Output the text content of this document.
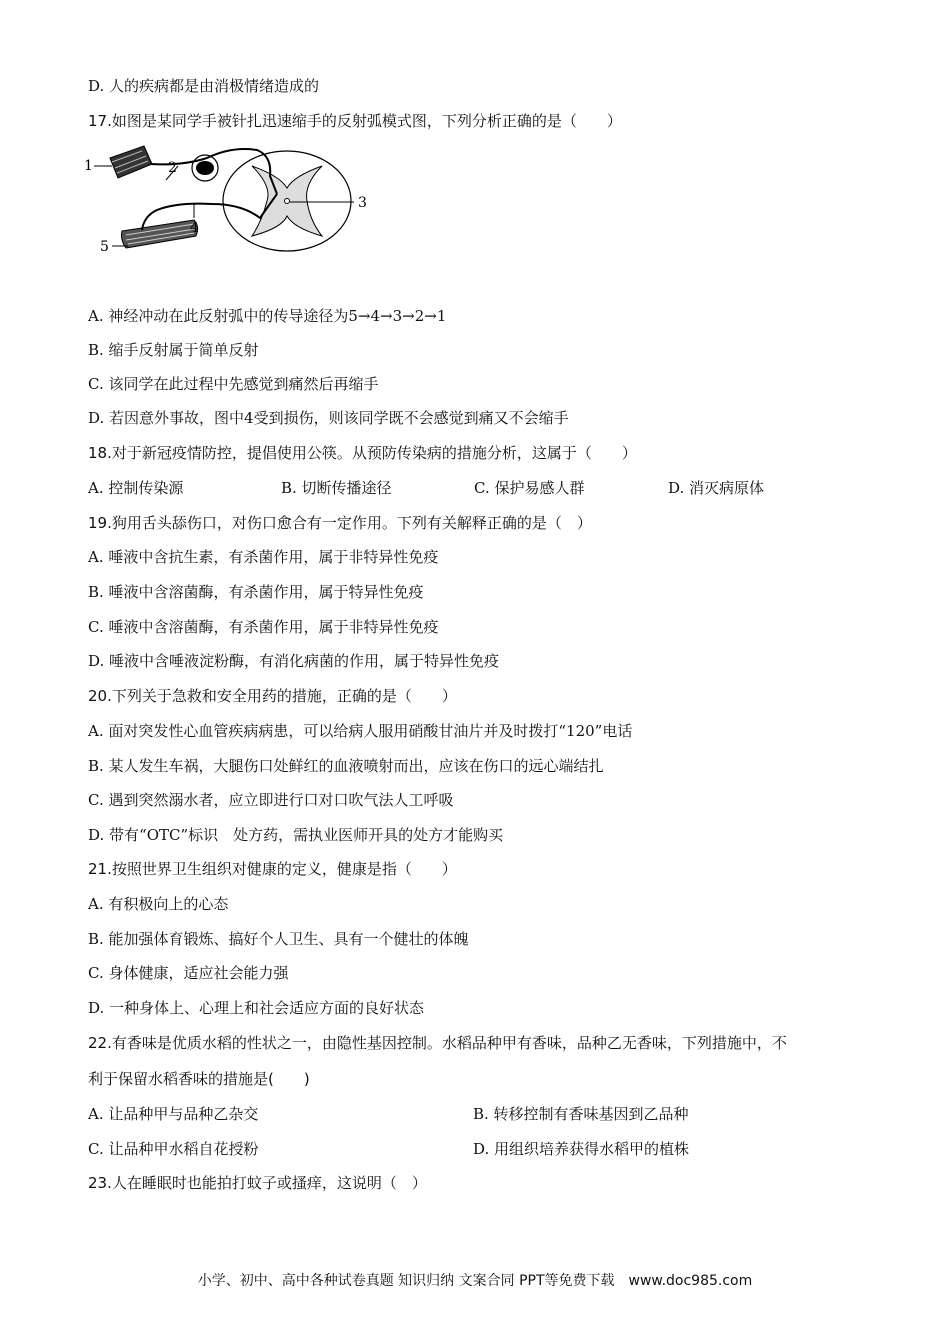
D. 人的疾病都是由消极情绪造成的
17.如图是某同学手被针扎迅速缩手的反射弧模式图，下列分析正确的是（　　）
1	2
3
4
5
A. 神经冲动在此反射弧中的传导途径为5→4→3→2→1
B. 缩手反射属于简单反射
C. 该同学在此过程中先感觉到痛然后再缩手
D. 若因意外事故，图中4受到损伤，则该同学既不会感觉到痛又不会缩手
18.对于新冠疫情防控，提倡使用公筷。从预防传染病的措施分析，这属于（　　）
A. 控制传染源	B. 切断传播途径	C. 保护易感人群	D. 消灭病原体
19.狗用舌头舔伤口，对伤口愈合有一定作用。下列有关解释正确的是（　）
A. 唾液中含抗生素，有杀菌作用，属于非特异性免疫
B. 唾液中含溶菌酶，有杀菌作用，属于特异性免疫
C. 唾液中含溶菌酶，有杀菌作用，属于非特异性免疫
D. 唾液中含唾液淀粉酶，有消化病菌的作用，属于特异性免疫
20.下列关于急救和安全用药的措施，正确的是（　　）
A. 面对突发性心血管疾病病患，可以给病人服用硝酸甘油片并及时拨打“120”电话
B. 某人发生车祸，大腿伤口处鲜红的血液喷射而出，应该在伤口的远心端结扎
C. 遇到突然溺水者，应立即进行口对口吹气法人工呼吸
D. 带有“OTC”标识　处方药，需执业医师开具的处方才能购买
21.按照世界卫生组织对健康的定义，健康是指（　　）
A. 有积极向上的心态
B. 能加强体育锻炼、搞好个人卫生、具有一个健壮的体魄
C. 身体健康，适应社会能力强
D. 一种身体上、心理上和社会适应方面的良好状态
22.有香味是优质水稻的性状之一，由隐性基因控制。水稻品种甲有香味，品种乙无香味，下列措施中，不
利于保留水稻香味的措施是(　　)
A. 让品种甲与品种乙杂交	B. 转移控制有香味基因到乙品种
C. 让品种甲水稻自花授粉	D. 用组织培养获得水稻甲的植株
23.人在睡眠时也能拍打蚊子或搔痒，这说明（　）
小学、初中、高中各种试卷真题 知识归纳 文案合同 PPT等免费下载　www.doc985.com
